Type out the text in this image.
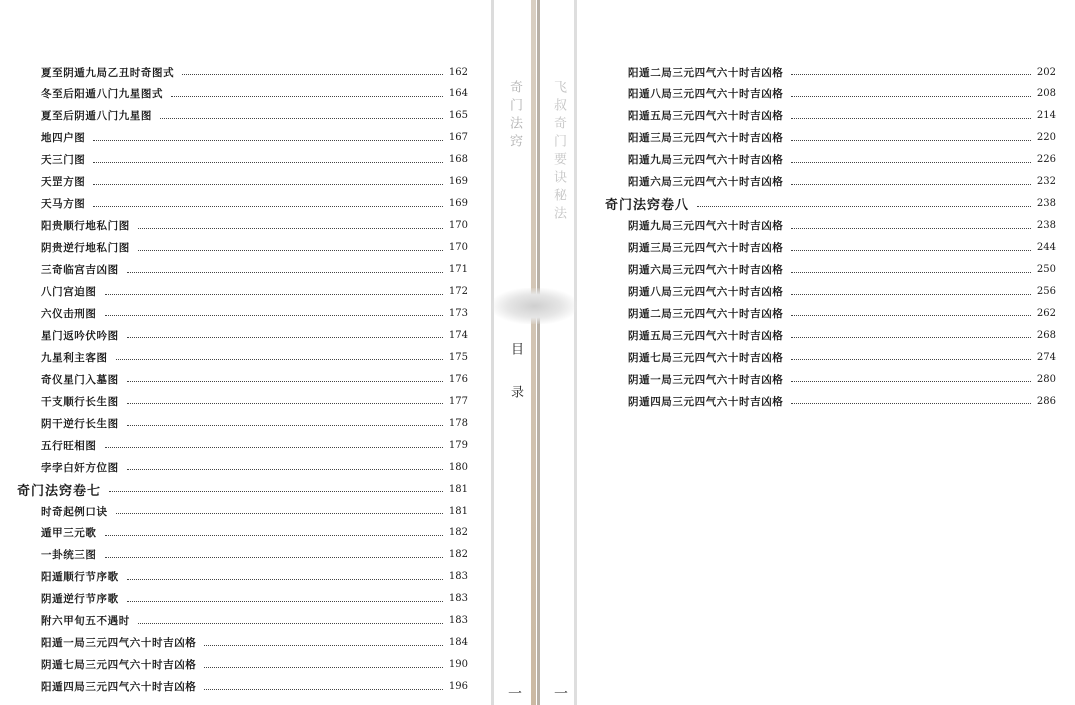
夏至阴遁九局乙丑时奇图式	162
冬至后阳遁八门九星图式	164
夏至后阴遁八门九星图	165
地四户图	167
天三门图	168
天罡方图	169
天马方图	169
阳贵顺行地私门图	170
阴贵逆行地私门图	170
三奇临宫吉凶图	171
八门宫迫图	172
六仪击刑图	173
星门返吟伏吟图	174
九星利主客图	175
奇仪星门入墓图	176
干支顺行长生图	177
阴干逆行长生图	178
五行旺相图	179
孛孛白奸方位图	180
奇门法窍卷七	181
时奇起例口诀	181
遁甲三元歌	182
一卦统三图	182
阳遁顺行节序歌	183
阴遁逆行节序歌	183
附六甲旬五不遇时	183
阳遁一局三元四气六十时吉凶格	184
阴遁七局三元四气六十时吉凶格	190
阳遁四局三元四气六十时吉凶格	196
奇门法窍 飞叔奇门要诀秘法
目录
一 一
阳遁二局三元四气六十时吉凶格	202
阳遁八局三元四气六十时吉凶格	208
阳遁五局三元四气六十时吉凶格	214
阳遁三局三元四气六十时吉凶格	220
阳遁九局三元四气六十时吉凶格	226
阳遁六局三元四气六十时吉凶格	232
奇门法窍卷八	238
阴遁九局三元四气六十时吉凶格	238
阴遁三局三元四气六十时吉凶格	244
阴遁六局三元四气六十时吉凶格	250
阴遁八局三元四气六十时吉凶格	256
阴遁二局三元四气六十时吉凶格	262
阴遁五局三元四气六十时吉凶格	268
阴遁七局三元四气六十时吉凶格	274
阴遁一局三元四气六十时吉凶格	280
阴遁四局三元四气六十时吉凶格	286
